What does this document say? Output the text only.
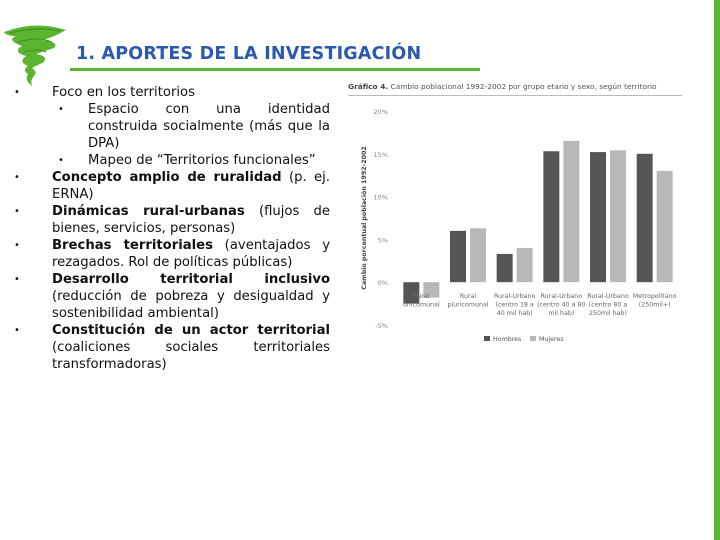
1. APORTES DE LA INVESTIGACIÓN
• Foco en los territorios
• Espacio con una identidad construida socialmente (más que la DPA)
• Mapeo de “Territorios funcionales”
• Concepto amplio de ruralidad (p. ej. ERNA)
• Dinámicas rural-urbanas (flujos de bienes, servicios, personas)
• Brechas territoriales (aventajados y rezagados. Rol de políticas públicas)
• Desarrollo territorial inclusivo (reducción de pobreza y desigualdad y sostenibilidad ambiental)
• Constitución de un actor territorial (coaliciones sociales territoriales transformadoras)
Gráfico 4. Cambio poblacional 1992-2002 por grupo etario y sexo, según territorio
20%
15%
10%
5%
0%
-5%
Cambio porcentual población 1992-2002
Rural
unicomunal
Rural
pluricomunal
Rural-Urbano
(centro 18 a
40 mil hab)
Rural-Urbano
(centro 40 a 80
mil hab)
Rural-Urbano
(centro 80 a
250mil hab)
Metropolitano
(250mil+)
Hombres	Mujeres
